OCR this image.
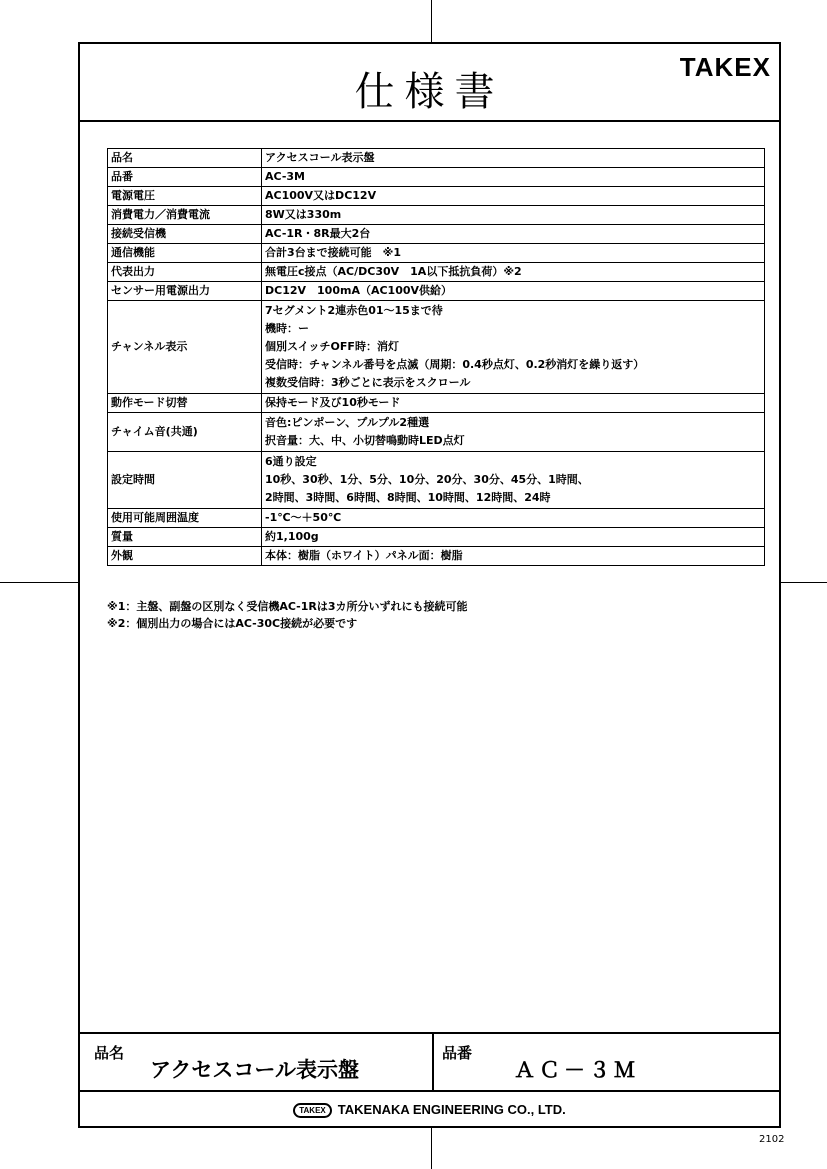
仕様書
TAKEX
品名	アクセスコール表示盤
品番	AC-3M
電源電圧	AC100V又はDC12V
消費電力／消費電流	8W又は330m
接続受信機	AC-1R・8R最大2台
通信機能	合計3台まで接続可能　※1
代表出力	無電圧c接点（AC/DC30V　1A以下抵抗負荷）※2
センサー用電源出力	DC12V　100mA（AC100V供給）
チャンネル表示	7セグメント2連赤色01～15まで待
機時：ー
個別スイッチOFF時：消灯
受信時：チャンネル番号を点滅（周期：0.4秒点灯、0.2秒消灯を繰り返す）
複数受信時：3秒ごとに表示をスクロール

動作モード切替	保持モード及び10秒モード
チャイム音(共通)	音色:ピンポーン、プルプル2種選
択音量：大、中、小切替鳴動時LED点灯

設定時間	6通り設定
10秒、30秒、1分、5分、10分、20分、30分、45分、1時間、
2時間、3時間、6時間、8時間、10時間、12時間、24時

使用可能周囲温度	-1℃～＋50℃
質量	約1,100g
外観	本体：樹脂（ホワイト）パネル面：樹脂
※1：主盤、副盤の区別なく受信機AC-1Rは3カ所分いずれにも接続可能
※2：個別出力の場合にはAC-30C接続が必要です
品名
アクセスコール表示盤
品番
ＡＣ－３Ｍ
TAKEX TAKENAKA ENGINEERING CO., LTD.
2102
